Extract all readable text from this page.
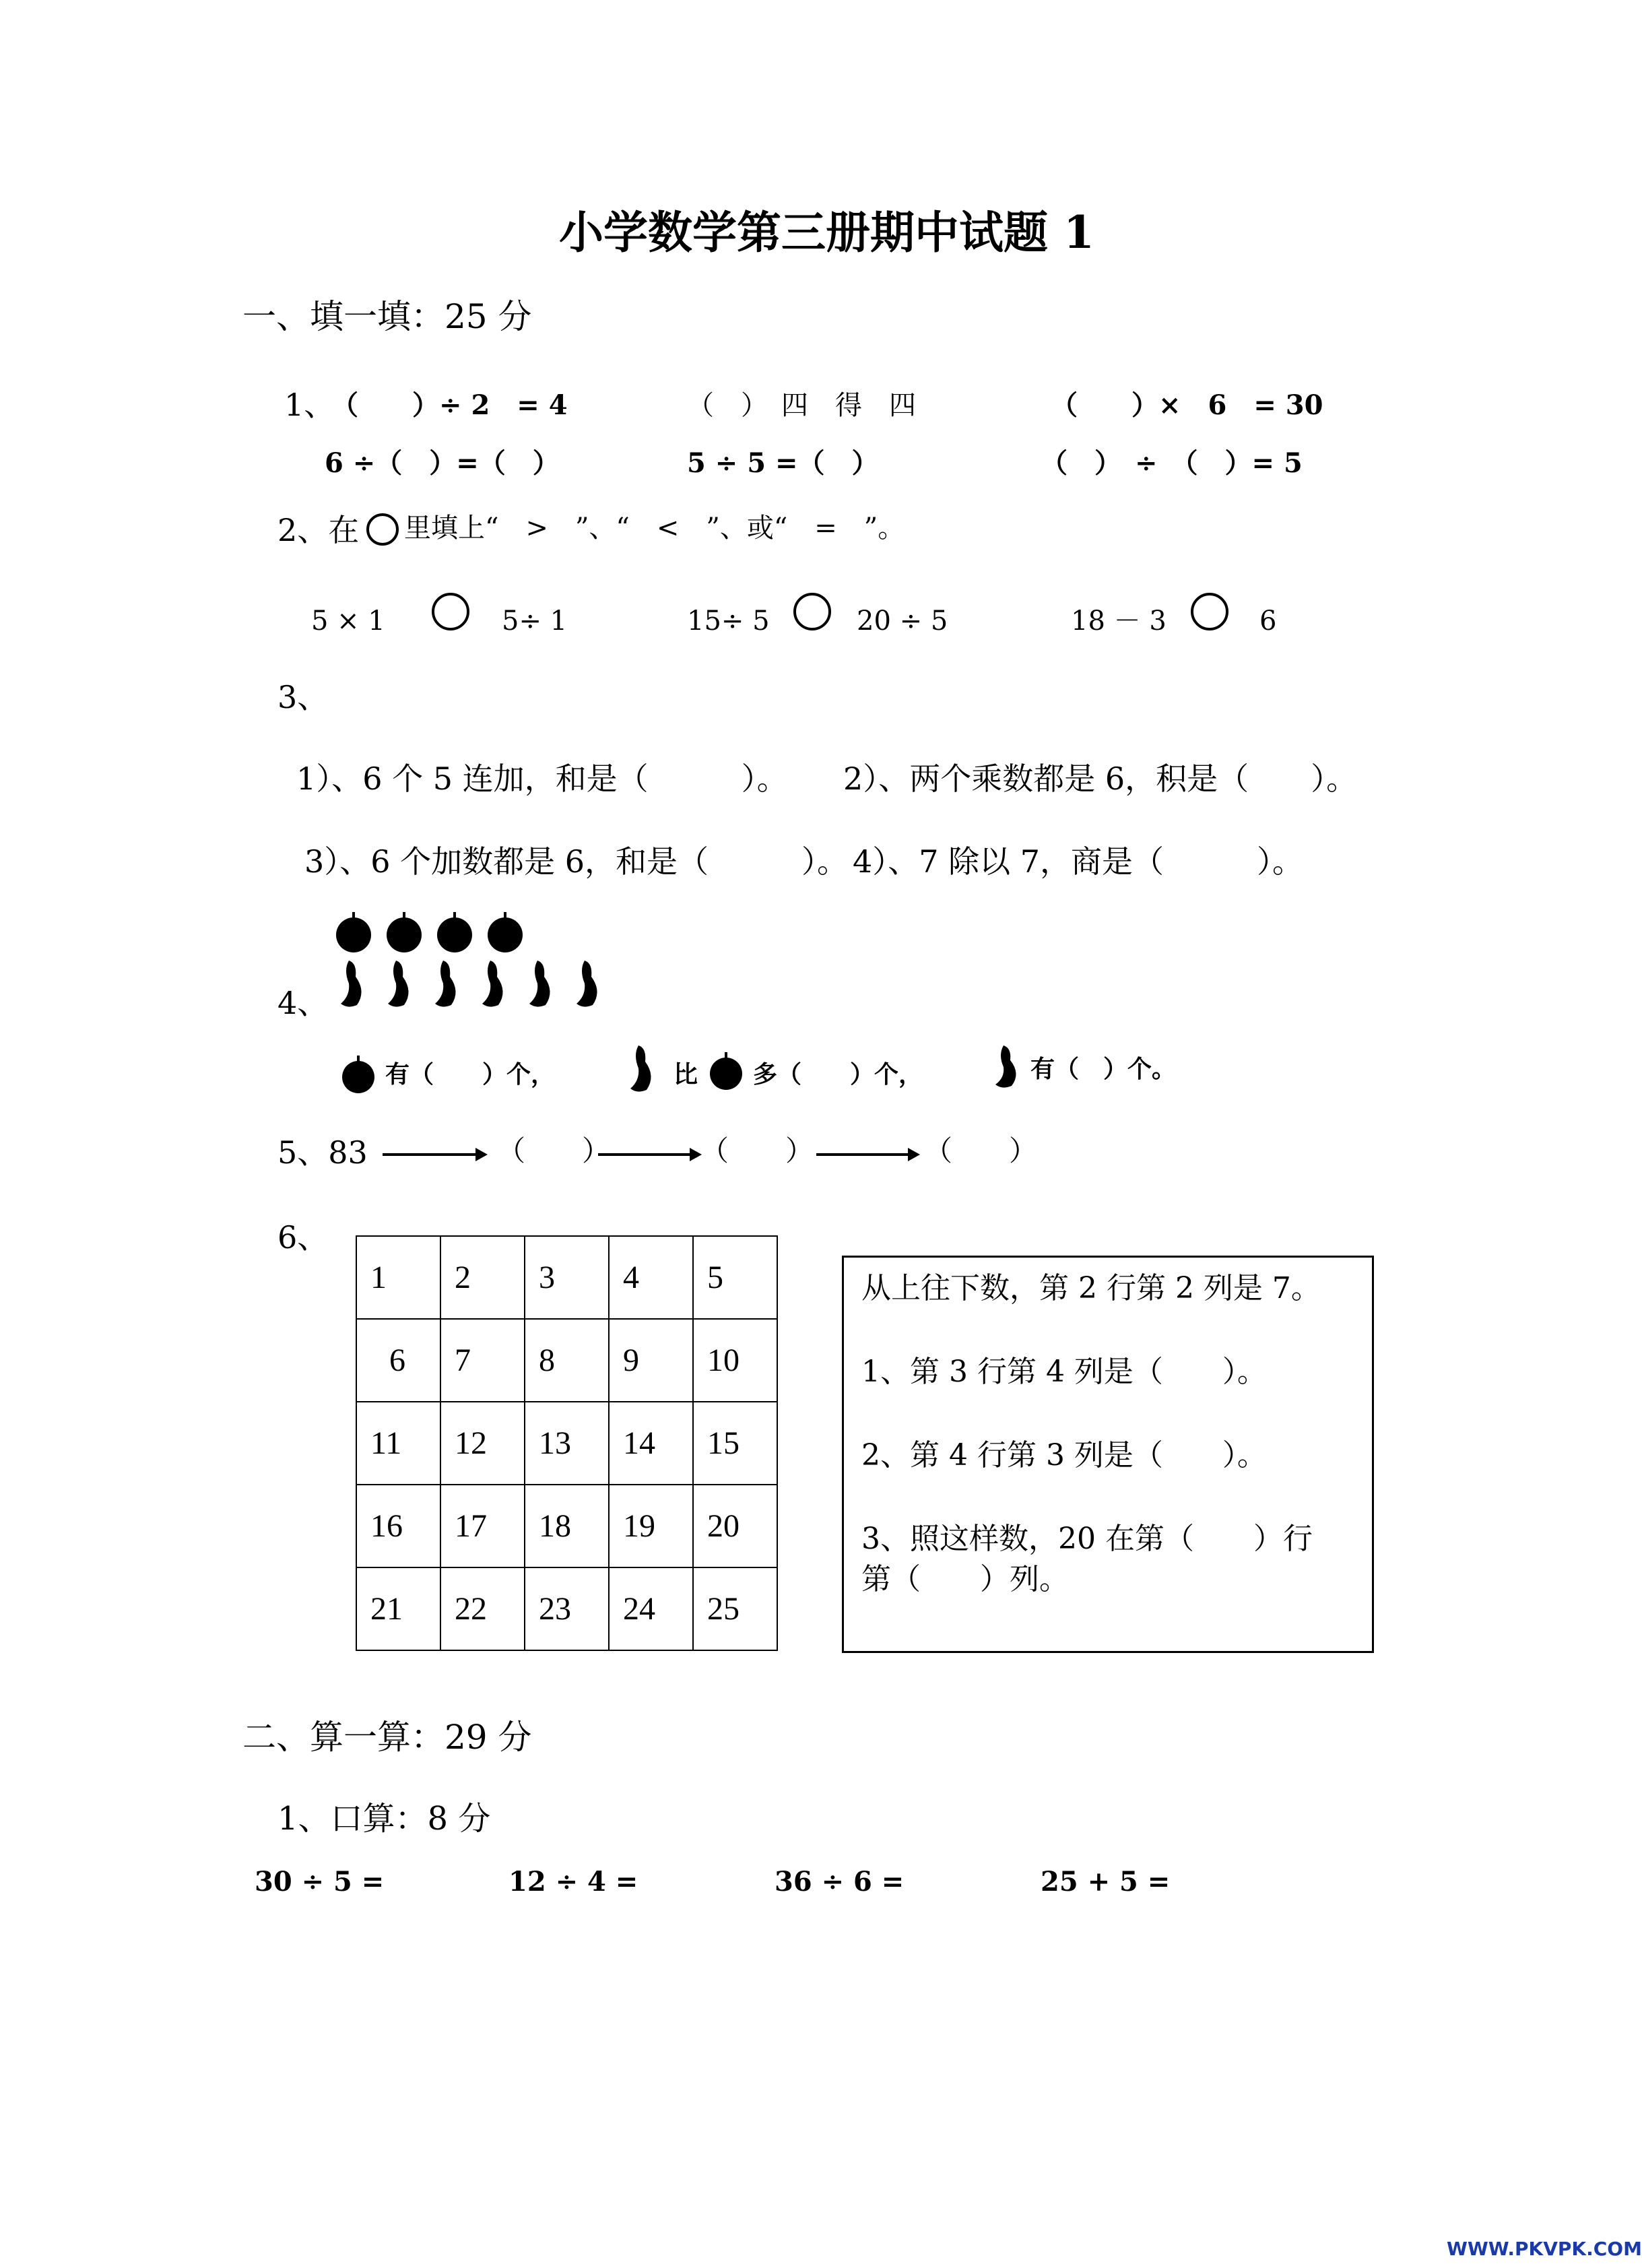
小学数学第三册期中试题 1
一、填一填：25 分
1、
（　　）÷ 2　= 4	（　）　四　得　四	（　　）×　6　= 30
6 ÷（　）=（　）	5 ÷ 5 =（　）	（　）　÷　（　）= 5
2、在 里填上“　>　”、“　<　”、或“　=　”。
5 × 1	5÷ 1	15÷ 5	20 ÷ 5	18 － 3	6
3、
1）、6 个 5 连加，和是（　　　）。 2）、两个乘数都是 6，积是（　　）。
3）、6 个加数都是 6，和是（　　　）。 4）、7 除以 7，商是（　　　）。
4、
有（　　）个，	比 多（　　）个，	有（　）个。
5、83	（　　）	（　　）	（　　）
6、
1	2	3	4	5
6	7	8	9	10
11	12	13	14	15
16	17	18	19	20
21	22	23	24	25

从上往下数，第 2 行第 2 列是 7。

1、第 3 行第 4 列是（　　）。

2、第 4 行第 3 列是（　　）。

3、照这样数，20 在第（　　）行

第（　　）列。

二、算一算：29 分
1、口算：8 分
30 ÷ 5 =	12 ÷ 4 =	36 ÷ 6 =	25 + 5 =
WWW.PKVPK.COM
